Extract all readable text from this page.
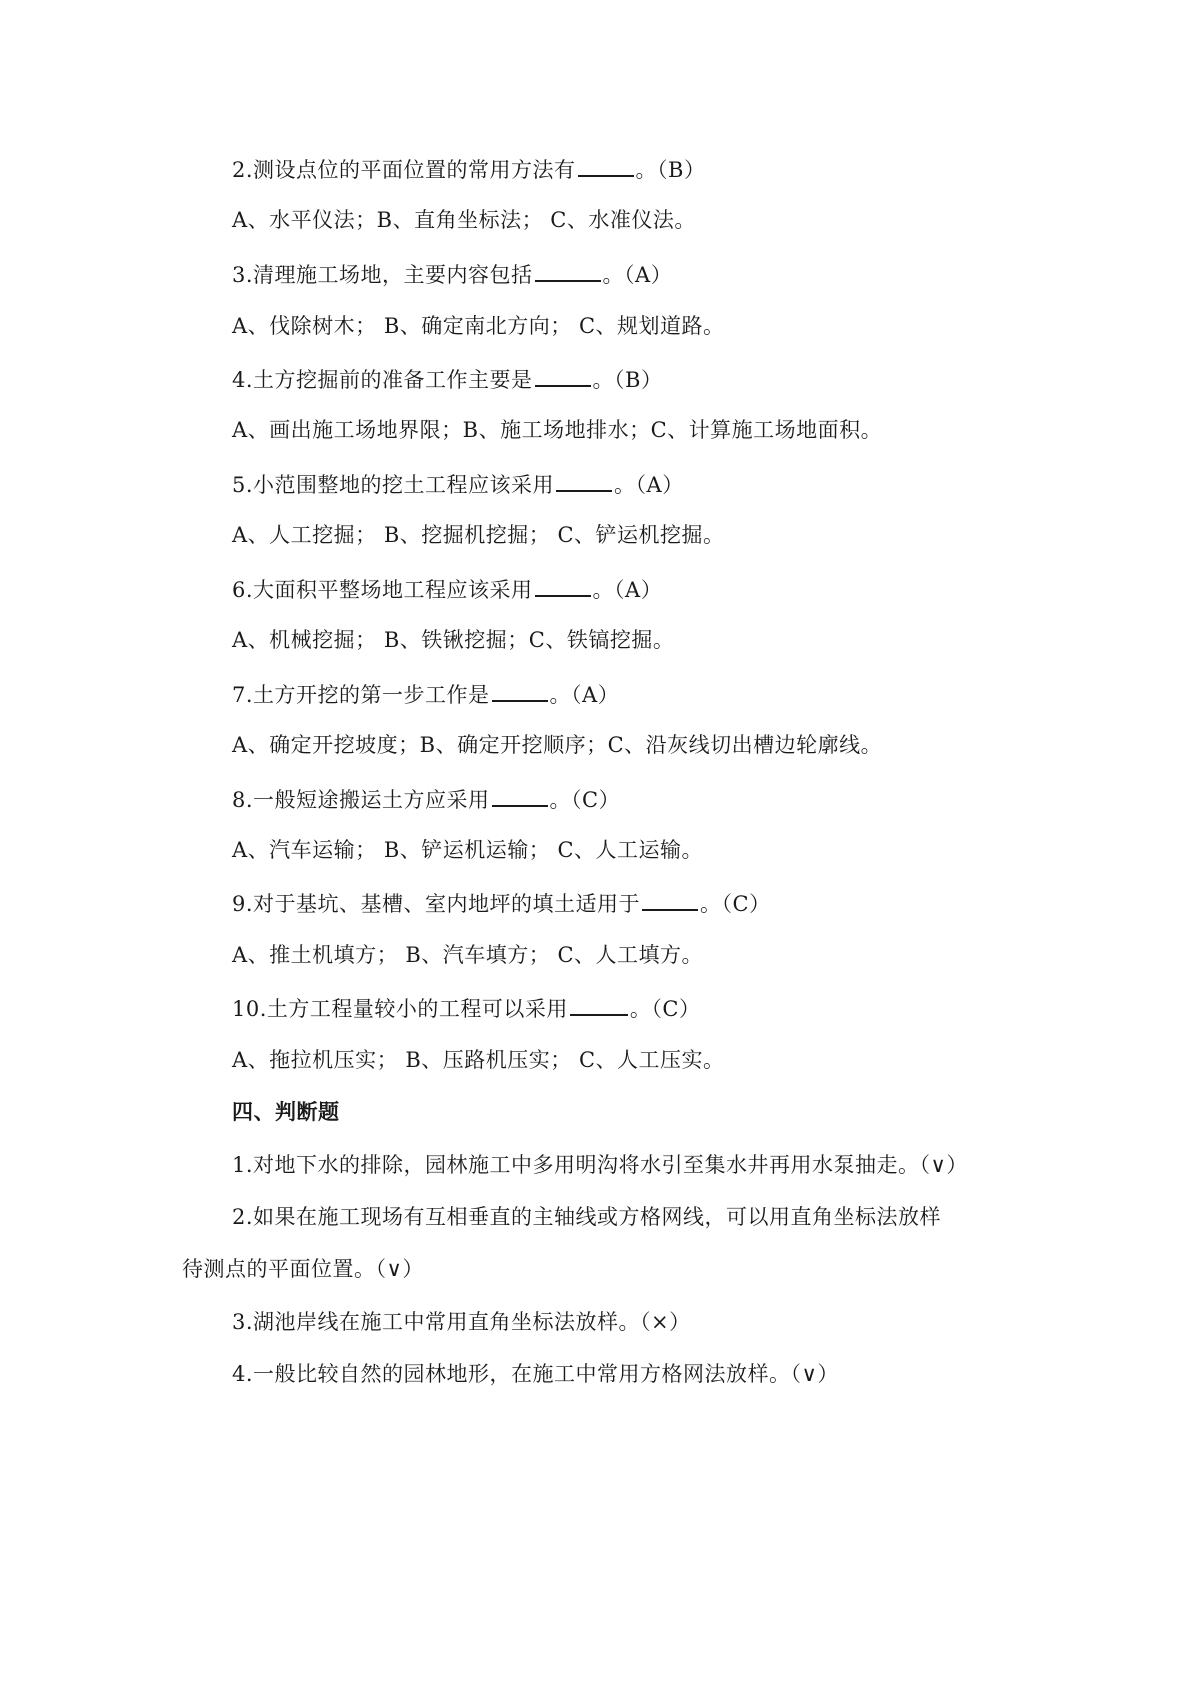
2.测设点位的平面位置的常用方法有	。（B）
A、水平仪法；B、直角坐标法； C、水准仪法。
3.清理施工场地，主要内容包括	。（A）
A、伐除树木； B、确定南北方向； C、规划道路。
4.土方挖掘前的准备工作主要是	。（B）
A、画出施工场地界限；B、施工场地排水；C、计算施工场地面积。
5.小范围整地的挖土工程应该采用	。（A）
A、人工挖掘； B、挖掘机挖掘； C、铲运机挖掘。
6.大面积平整场地工程应该采用	。（A）
A、机械挖掘； B、铁锹挖掘；C、铁镐挖掘。
7.土方开挖的第一步工作是	。（A）
A、确定开挖坡度；B、确定开挖顺序；C、沿灰线切出槽边轮廓线。
8.一般短途搬运土方应采用	。（C）
A、汽车运输； B、铲运机运输； C、人工运输。
9.对于基坑、基槽、室内地坪的填土适用于	。（C）
A、推土机填方； B、汽车填方； C、人工填方。
10.土方工程量较小的工程可以采用	。（C）
A、拖拉机压实； B、压路机压实； C、人工压实。
四、判断题
1.对地下水的排除，园林施工中多用明沟将水引至集水井再用水泵抽走。（∨）
2.如果在施工现场有互相垂直的主轴线或方格网线，可以用直角坐标法放样
待测点的平面位置。（∨）
3.湖池岸线在施工中常用直角坐标法放样。（×）
4.一般比较自然的园林地形，在施工中常用方格网法放样。（∨）
